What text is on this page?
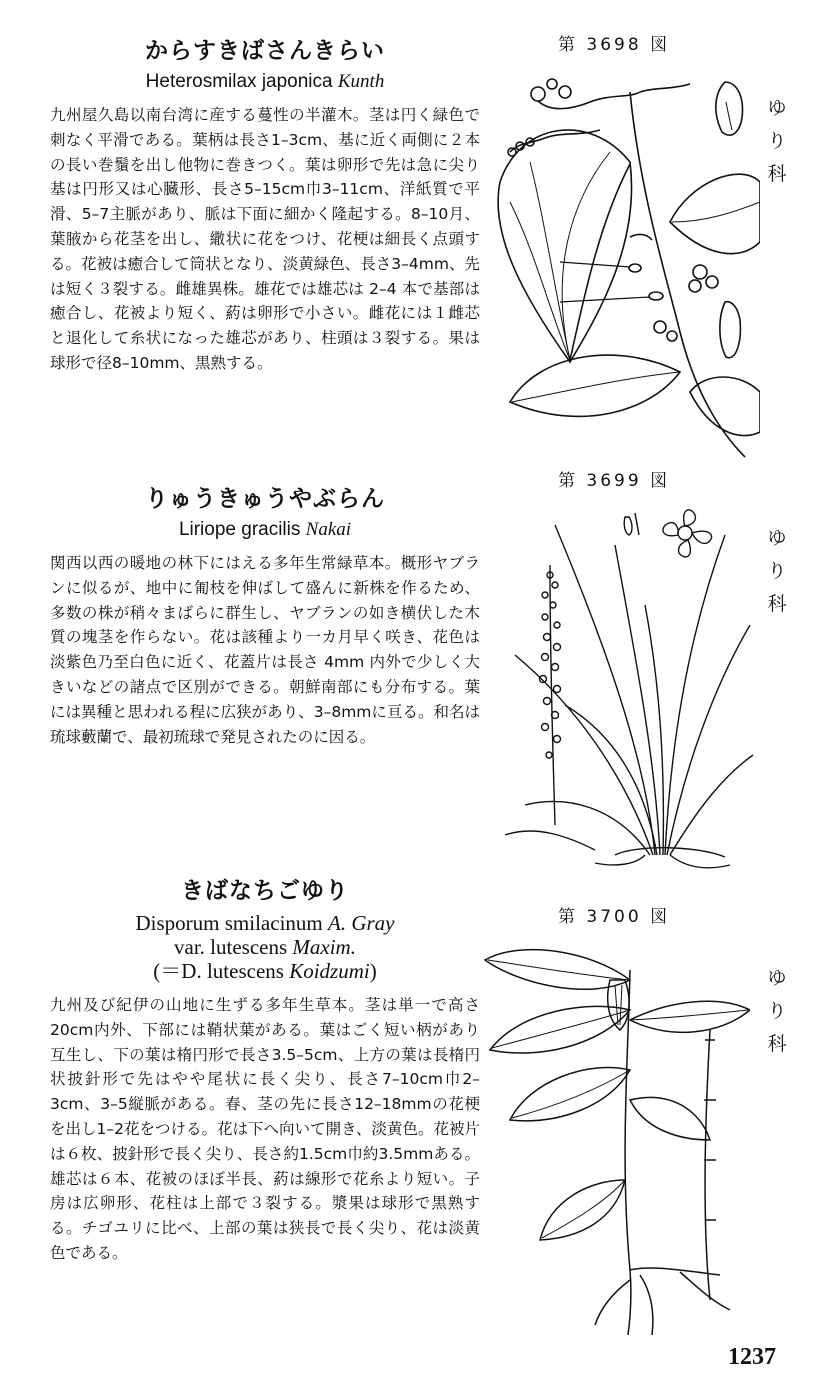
からすきばさんきらい

Heterosmilax japonica Kunth

九州屋久島以南台湾に産する蔓性の半灌木。茎は円く緑色で刺なく平滑である。葉柄は長さ1–3cm、基に近く両側に２本の長い巻鬚を出し他物に巻きつく。葉は卵形で先は急に尖り基は円形又は心臓形、長さ5–15cm巾3–11cm、洋紙質で平滑、5–7主脈があり、脈は下面に細かく隆起する。8–10月、葉腋から花茎を出し、繖状に花をつけ、花梗は細長く点頭する。花被は癒合して筒状となり、淡黄緑色、長さ3–4mm、先は短く３裂する。雌雄異株。雄花では雄芯は 2–4 本で基部は癒合し、花被より短く、葯は卵形で小さい。雌花には１雌芯と退化して糸状になった雄芯があり、柱頭は３裂する。果は球形で径8–10mm、黒熟する。

りゅうきゅうやぶらん

Liriope gracilis Nakai

関西以西の暖地の林下にはえる多年生常緑草本。概形ヤブランに似るが、地中に匍枝を伸ばして盛んに新株を作るため、多数の株が稍々まばらに群生し、ヤブランの如き横伏した木質の塊茎を作らない。花は該種より一カ月早く咲き、花色は淡紫色乃至白色に近く、花蓋片は長さ 4mm 内外で少しく大きいなどの諸点で区別ができる。朝鮮南部にも分布する。葉には異種と思われる程に広狭があり、3–8mmに亘る。和名は琉球藪蘭で、最初琉球で発見されたのに因る。

きばなちごゆり

Disporum smilacinum A. Gray

var. lutescens Maxim.

(＝D. lutescens Koidzumi)

九州及び紀伊の山地に生ずる多年生草本。茎は単一で高さ20cm内外、下部には鞘状葉がある。葉はごく短い柄があり互生し、下の葉は楕円形で長さ3.5–5cm、上方の葉は長楕円状披針形で先はやや尾状に長く尖り、長さ7–10cm巾2–3cm、3–5縦脈がある。春、茎の先に長さ12–18mmの花梗を出し1–2花をつける。花は下へ向いて開き、淡黄色。花被片は６枚、披針形で長く尖り、長さ約1.5cm巾約3.5mmある。雄芯は６本、花被のほぼ半長、葯は線形で花糸より短い。子房は広卵形、花柱は上部で３裂する。漿果は球形で黒熟する。チゴユリに比べ、上部の葉は狭長で長く尖り、花は淡黄色である。

第 3698 図
第 3699 図
第 3700 図
ゆ
り
科
ゆ
り
科
ゆ
り
科
1237
